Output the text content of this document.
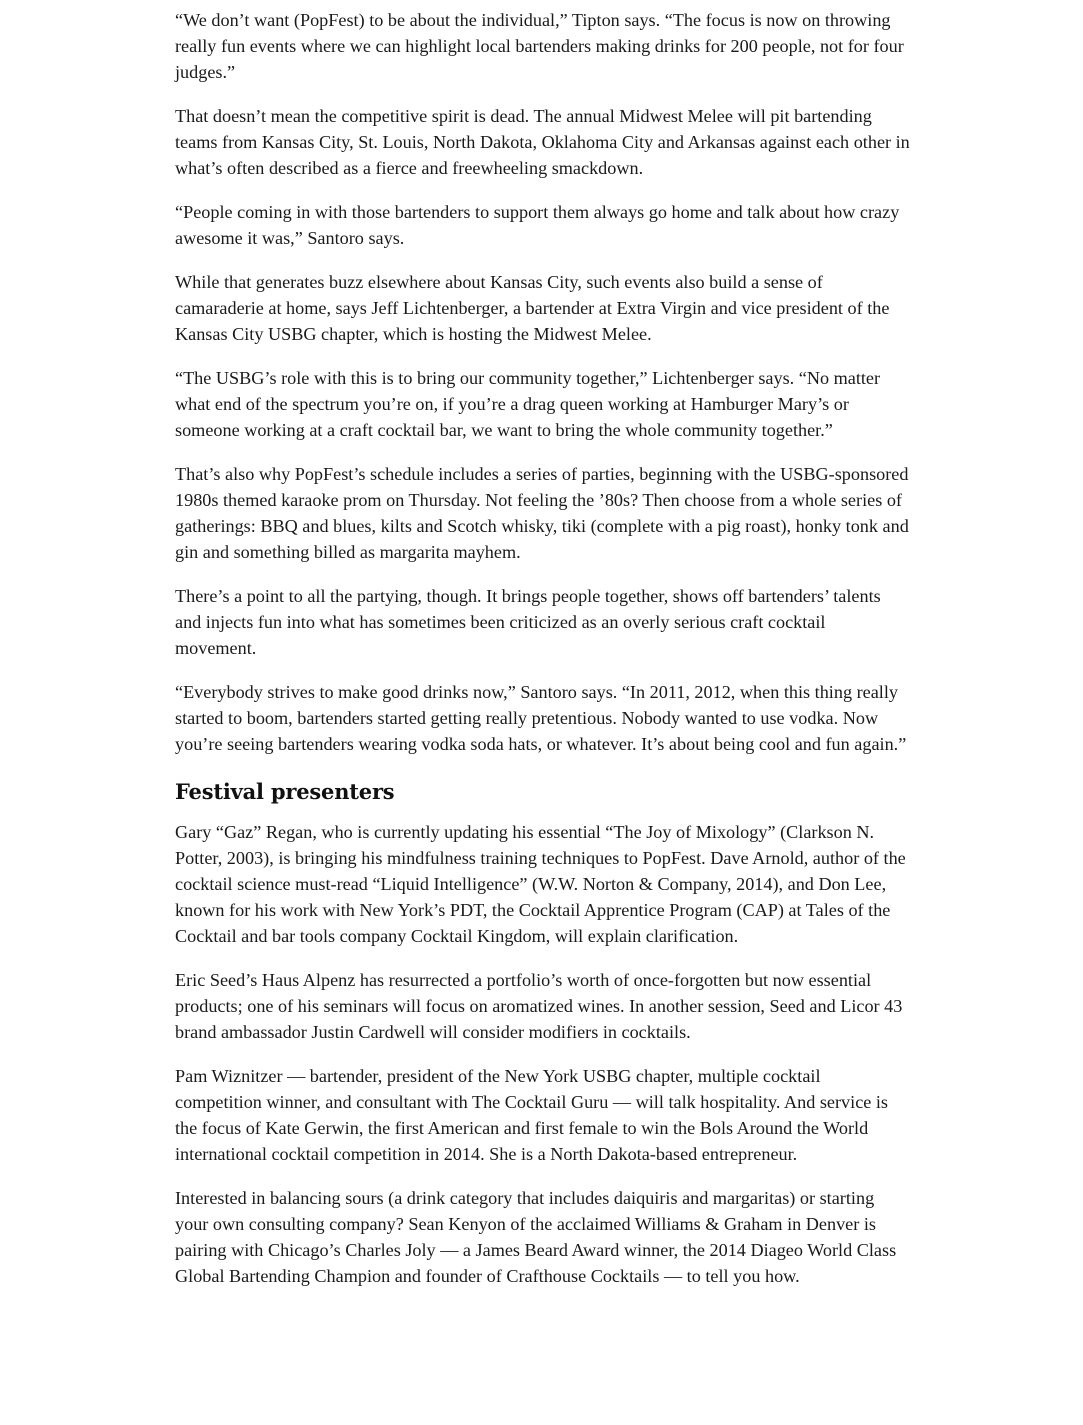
“We don’t want (PopFest) to be about the individual,” Tipton says. “The focus is now on throwing really fun events where we can highlight local bartenders making drinks for 200 people, not for four judges.”

That doesn’t mean the competitive spirit is dead. The annual Midwest Melee will pit bartending teams from Kansas City, St. Louis, North Dakota, Oklahoma City and Arkansas against each other in what’s often described as a fierce and freewheeling smackdown.

“People coming in with those bartenders to support them always go home and talk about how crazy awesome it was,” Santoro says.

While that generates buzz elsewhere about Kansas City, such events also build a sense of camaraderie at home, says Jeff Lichtenberger, a bartender at Extra Virgin and vice president of the Kansas City USBG chapter, which is hosting the Midwest Melee.

“The USBG’s role with this is to bring our community together,” Lichtenberger says. “No matter what end of the spectrum you’re on, if you’re a drag queen working at Hamburger Mary’s or someone working at a craft cocktail bar, we want to bring the whole community together.”

That’s also why PopFest’s schedule includes a series of parties, beginning with the USBG-sponsored 1980s themed karaoke prom on Thursday. Not feeling the ’80s? Then choose from a whole series of gatherings: BBQ and blues, kilts and Scotch whisky, tiki (complete with a pig roast), honky tonk and gin and something billed as margarita mayhem.

There’s a point to all the partying, though. It brings people together, shows off bartenders’ talents and injects fun into what has sometimes been criticized as an overly serious craft cocktail movement.

“Everybody strives to make good drinks now,” Santoro says. “In 2011, 2012, when this thing really started to boom, bartenders started getting really pretentious. Nobody wanted to use vodka. Now you’re seeing bartenders wearing vodka soda hats, or whatever. It’s about being cool and fun again.”

Festival presenters

Gary “Gaz” Regan, who is currently updating his essential “The Joy of Mixology” (Clarkson N. Potter, 2003), is bringing his mindfulness training techniques to PopFest. Dave Arnold, author of the cocktail science must-read “Liquid Intelligence” (W.W. Norton & Company, 2014), and Don Lee, known for his work with New York’s PDT, the Cocktail Apprentice Program (CAP) at Tales of the Cocktail and bar tools company Cocktail Kingdom, will explain clarification.

Eric Seed’s Haus Alpenz has resurrected a portfolio’s worth of once-forgotten but now essential products; one of his seminars will focus on aromatized wines. In another session, Seed and Licor 43 brand ambassador Justin Cardwell will consider modifiers in cocktails.

Pam Wiznitzer — bartender, president of the New York USBG chapter, multiple cocktail competition winner, and consultant with The Cocktail Guru — will talk hospitality. And service is the focus of Kate Gerwin, the first American and first female to win the Bols Around the World international cocktail competition in 2014. She is a North Dakota-based entrepreneur.

Interested in balancing sours (a drink category that includes daiquiris and margaritas) or starting your own consulting company? Sean Kenyon of the acclaimed Williams & Graham in Denver is pairing with Chicago’s Charles Joly — a James Beard Award winner, the 2014 Diageo World Class Global Bartending Champion and founder of Crafthouse Cocktails — to tell you how.
